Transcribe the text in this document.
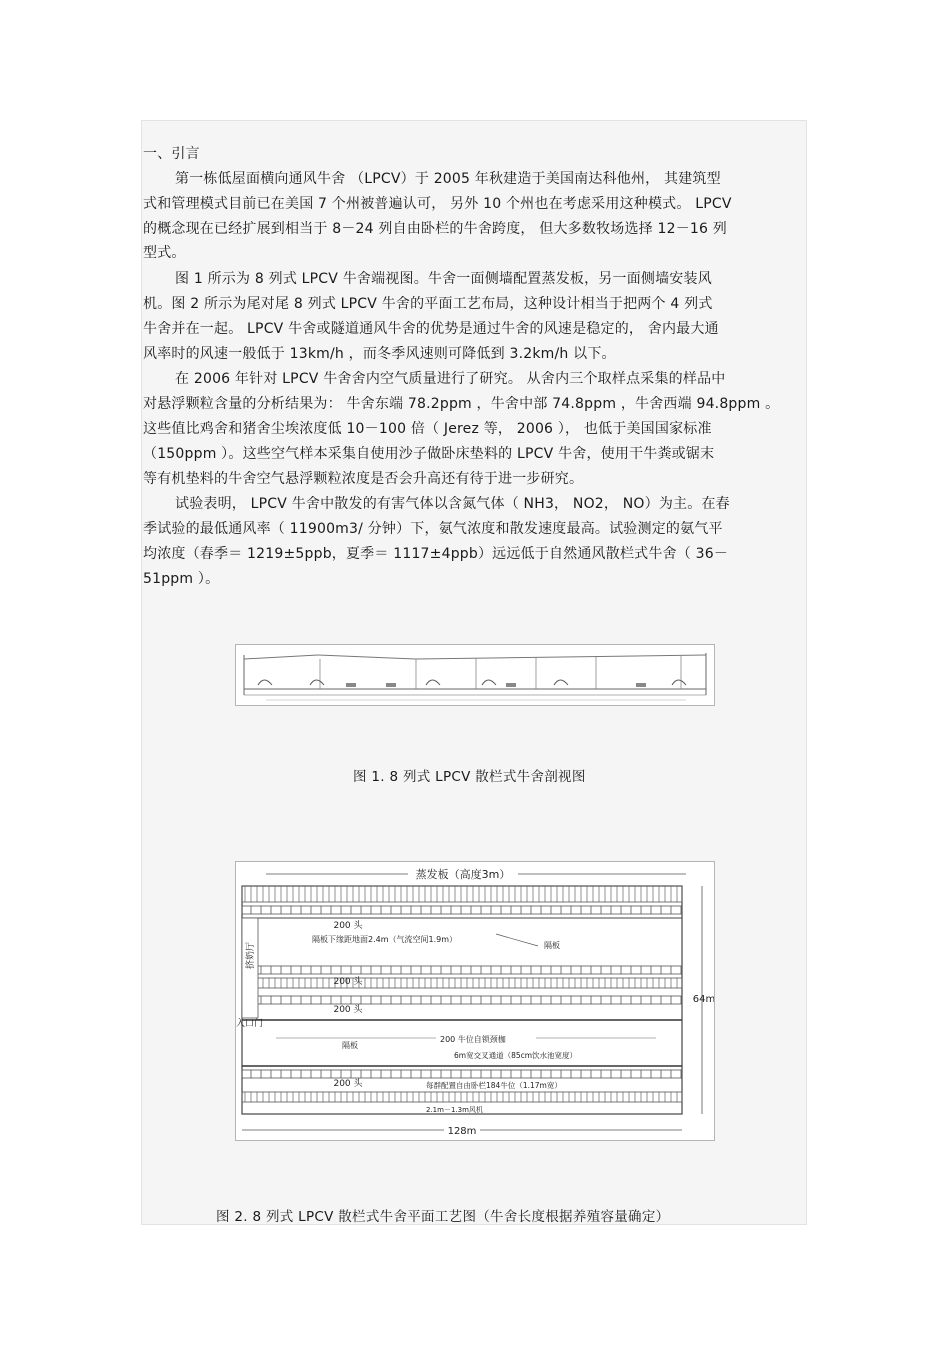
一、引言
第一栋低屋面横向通风牛舍 （LPCV）于 2005 年秋建造于美国南达科他州， 其建筑型
式和管理模式目前已在美国 7 个州被普遍认可， 另外 10 个州也在考虑采用这种模式。 LPCV
的概念现在已经扩展到相当于 8－24 列自由卧栏的牛舍跨度， 但大多数牧场选择 12－16 列
型式。
图 1 所示为 8 列式 LPCV 牛舍端视图。牛舍一面侧墙配置蒸发板，另一面侧墙安装风
机。图 2 所示为尾对尾 8 列式 LPCV 牛舍的平面工艺布局，这种设计相当于把两个 4 列式
牛舍并在一起。 LPCV 牛舍或隧道通风牛舍的优势是通过牛舍的风速是稳定的， 舍内最大通
风率时的风速一般低于 13km/h ，而冬季风速则可降低到 3.2km/h 以下。
在 2006 年针对 LPCV 牛舍舍内空气质量进行了研究。 从舍内三个取样点采集的样品中
对悬浮颗粒含量的分析结果为： 牛舍东端 78.2ppm ，牛舍中部 74.8ppm ，牛舍西端 94.8ppm 。
这些值比鸡舍和猪舍尘埃浓度低 10－100 倍（ Jerez 等， 2006 ）， 也低于美国国家标准
（150ppm ）。这些空气样本采集自使用沙子做卧床垫料的 LPCV 牛舍，使用干牛粪或锯末
等有机垫料的牛舍空气悬浮颗粒浓度是否会升高还有待于进一步研究。
试验表明， LPCV 牛舍中散发的有害气体以含氮气体（ NH3， NO2， NO）为主。在春
季试验的最低通风率（ 11900m3/ 分钟）下，氨气浓度和散发速度最高。试验测定的氨气平
均浓度（春季＝ 1219±5ppb，夏季＝ 1117±4ppb）远远低于自然通风散栏式牛舍（ 36－
51ppm ）。
图 1. 8 列式 LPCV 散栏式牛舍剖视图
蒸发板（高度3m）
挤奶厅
入口门
200 头
200 头
200 头
200 头
隔板下缘距地面2.4m（气流空间1.9m）
隔板
隔板
200 牛位自锁颈枷
6m宽交叉通道（85cm饮水池宽度）
每群配置自由卧栏184牛位（1.17m宽）
2.1m－1.3m风机
64m
128m
图 2. 8 列式 LPCV 散栏式牛舍平面工艺图（牛舍长度根据养殖容量确定）
